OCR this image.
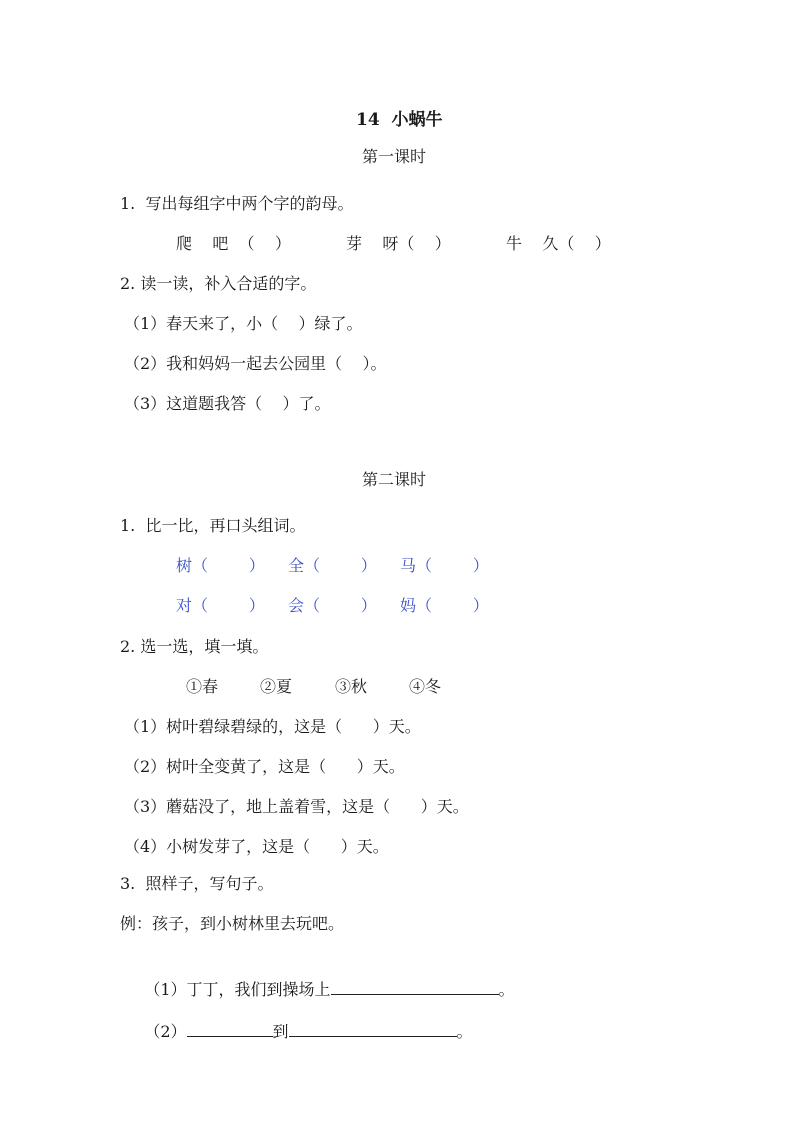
14  小蜗牛
第一课时
1.  写出每组字中两个字的韵母。
爬    吧  （    ）	芽    呀（    ）	牛    久（    ）
2. 读一读，补入合适的字。
（1）春天来了，小（    ）绿了。
（2）我和妈妈一起去公园里（    ）。
（3）这道题我答（    ）了。
第二课时
1.  比一比，再口头组词。
树（        ） 全（        ） 马（        ）
对（        ） 会（        ） 妈（        ）
2. 选一选，填一填。
①春	②夏	③秋	④冬
（1）树叶碧绿碧绿的，这是（      ）天。
（2）树叶全变黄了，这是（      ）天。
（3）蘑菇没了，地上盖着雪，这是（      ）天。
（4）小树发芽了，这是（      ）天。
3.  照样子，写句子。
例：孩子，到小树林里去玩吧。

（1）丁丁，我们到操场上	。

（2）	到	。
